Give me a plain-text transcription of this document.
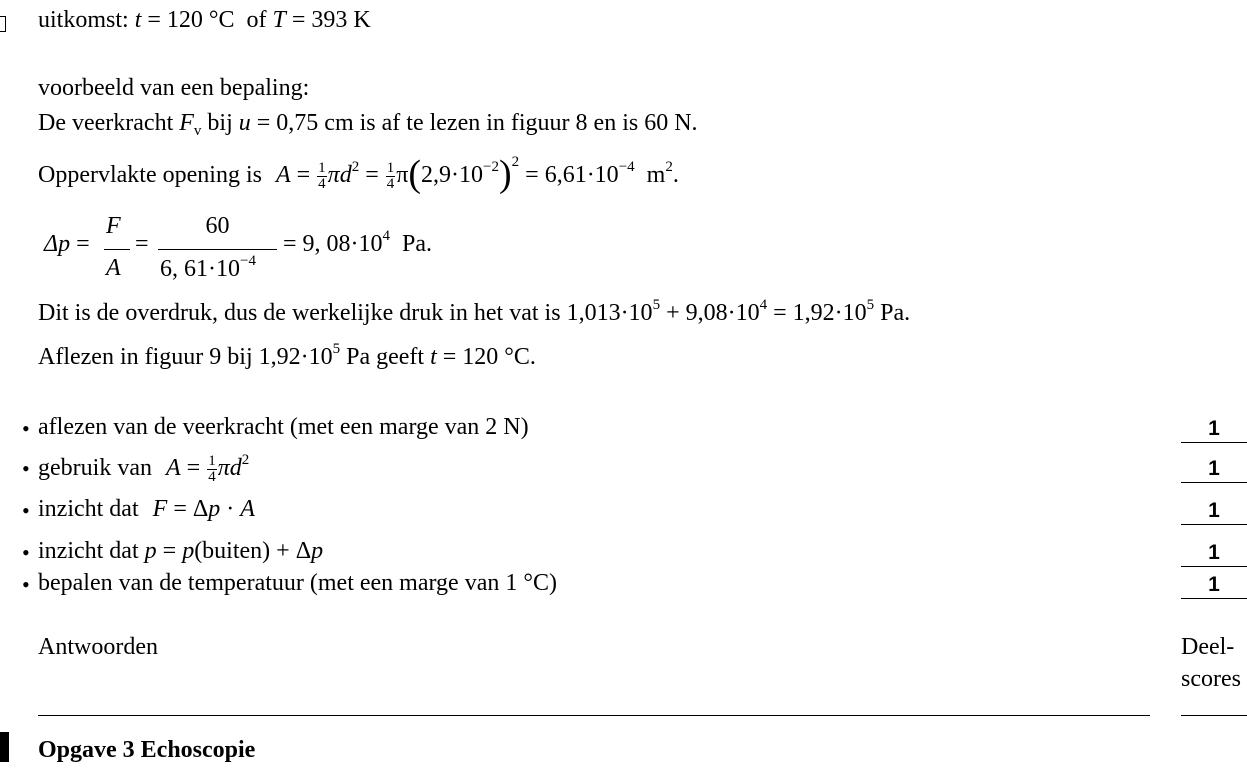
uitkomst: t = 120 °C of T = 393 K
voorbeeld van een bepaling:
De veerkracht $F_v$ bij u = 0,75 cm is af te lezen in figuur 8 en is 60 N.
Oppervlakte opening is $A = \frac{1}{4} \pi d^2 = \frac{1}{4} \pi(2,9\cdot 10^{-2})^2 = 6,61\cdot 10^{-4}$ $m^2$.
Δp =
F
A
=
60
6, $61\cdot 10^{-4}$
= 9, $08\cdot 10^4$ Pa.
Dit is de overdruk, dus de werkelijke druk in het vat is $1,013\cdot 10^5 + 9,08\cdot 10^4 = 1,92\cdot 10^5$ Pa.
Aflezen in figuur 9 bij $1,92\cdot 10^5$ Pa geeft t = 120 °C.
• aflezen van de veerkracht (met een marge van 2 N)	1
• gebruik van $A = \frac{1}{4} \pi d^2$	1
• inzicht dat F = Δp · A	1
• inzicht dat p = p(buiten) + Δp	1
• bepalen van de temperatuur (met een marge van 1 °C)	1
Antwoorden	Deel-
scores
Opgave 3 Echoscopie
